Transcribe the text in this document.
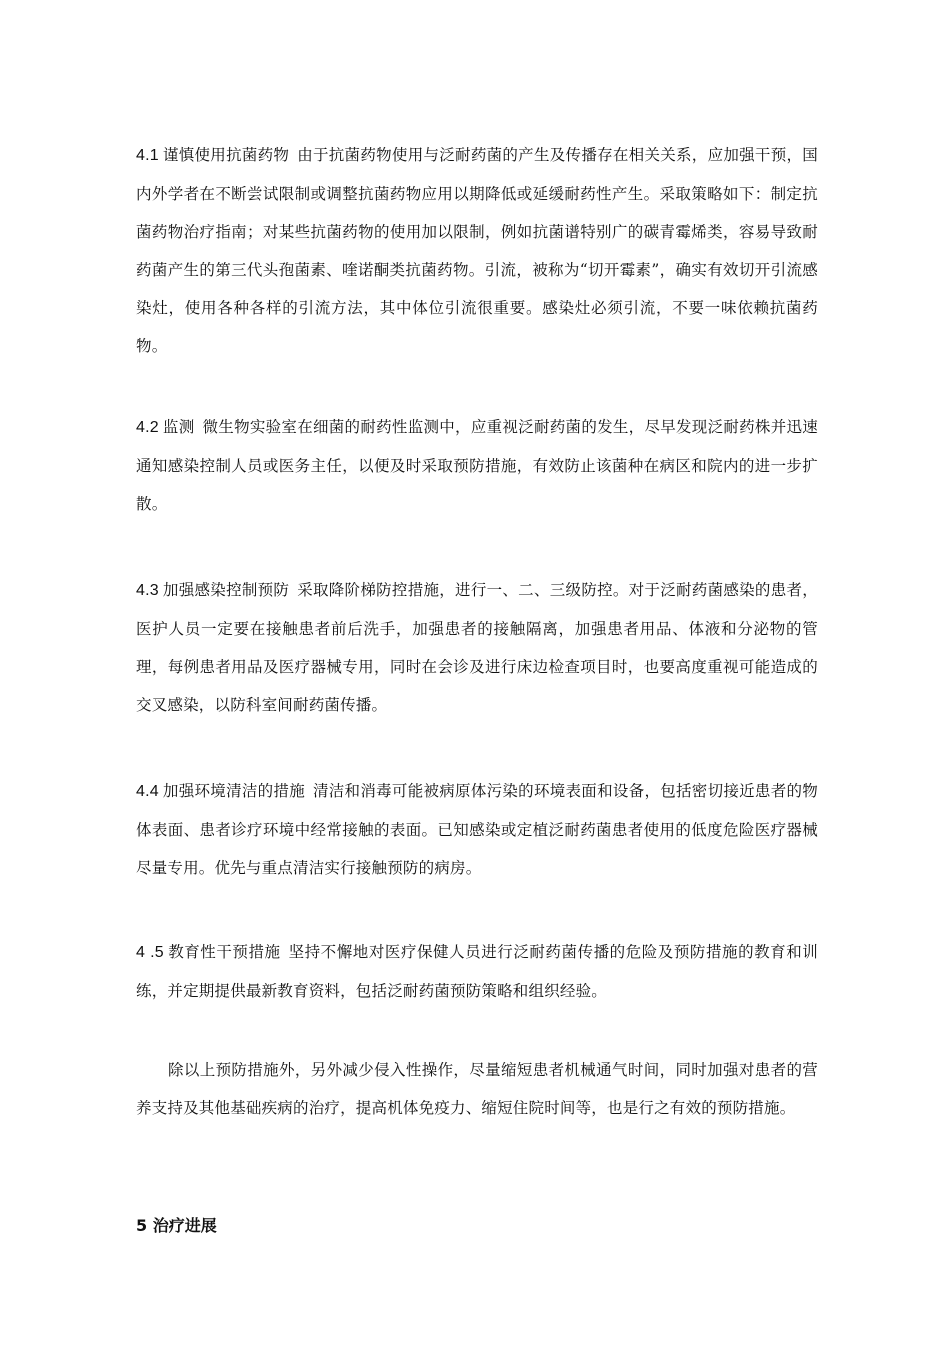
4.1 谨慎使用抗菌药物 由于抗菌药物使用与泛耐药菌的产生及传播存在相关关系，应加强干预，国内外学者在不断尝试限制或调整抗菌药物应用以期降低或延缓耐药性产生。采取策略如下：制定抗菌药物治疗指南；对某些抗菌药物的使用加以限制，例如抗菌谱特别广的碳青霉烯类，容易导致耐药菌产生的第三代头孢菌素、喹诺酮类抗菌药物。引流，被称为“切开霉素”，确实有效切开引流感染灶，使用各种各样的引流方法，其中体位引流很重要。感染灶必须引流，不要一味依赖抗菌药物。

4.2 监测 微生物实验室在细菌的耐药性监测中，应重视泛耐药菌的发生，尽早发现泛耐药株并迅速通知感染控制人员或医务主任，以便及时采取预防措施，有效防止该菌种在病区和院内的进一步扩散。

4.3 加强感染控制预防 采取降阶梯防控措施，进行一、二、三级防控。对于泛耐药菌感染的患者，医护人员一定要在接触患者前后洗手，加强患者的接触隔离，加强患者用品、体液和分泌物的管理，每例患者用品及医疗器械专用，同时在会诊及进行床边检查项目时，也要高度重视可能造成的交叉感染，以防科室间耐药菌传播。

4.4 加强环境清洁的措施 清洁和消毒可能被病原体污染的环境表面和设备，包括密切接近患者的物体表面、患者诊疗环境中经常接触的表面。已知感染或定植泛耐药菌患者使用的低度危险医疗器械尽量专用。优先与重点清洁实行接触预防的病房。

4 .5 教育性干预措施 坚持不懈地对医疗保健人员进行泛耐药菌传播的危险及预防措施的教育和训练，并定期提供最新教育资料，包括泛耐药菌预防策略和组织经验。

除以上预防措施外，另外减少侵入性操作，尽量缩短患者机械通气时间，同时加强对患者的营养支持及其他基础疾病的治疗，提高机体免疫力、缩短住院时间等，也是行之有效的预防措施。

5 治疗进展
